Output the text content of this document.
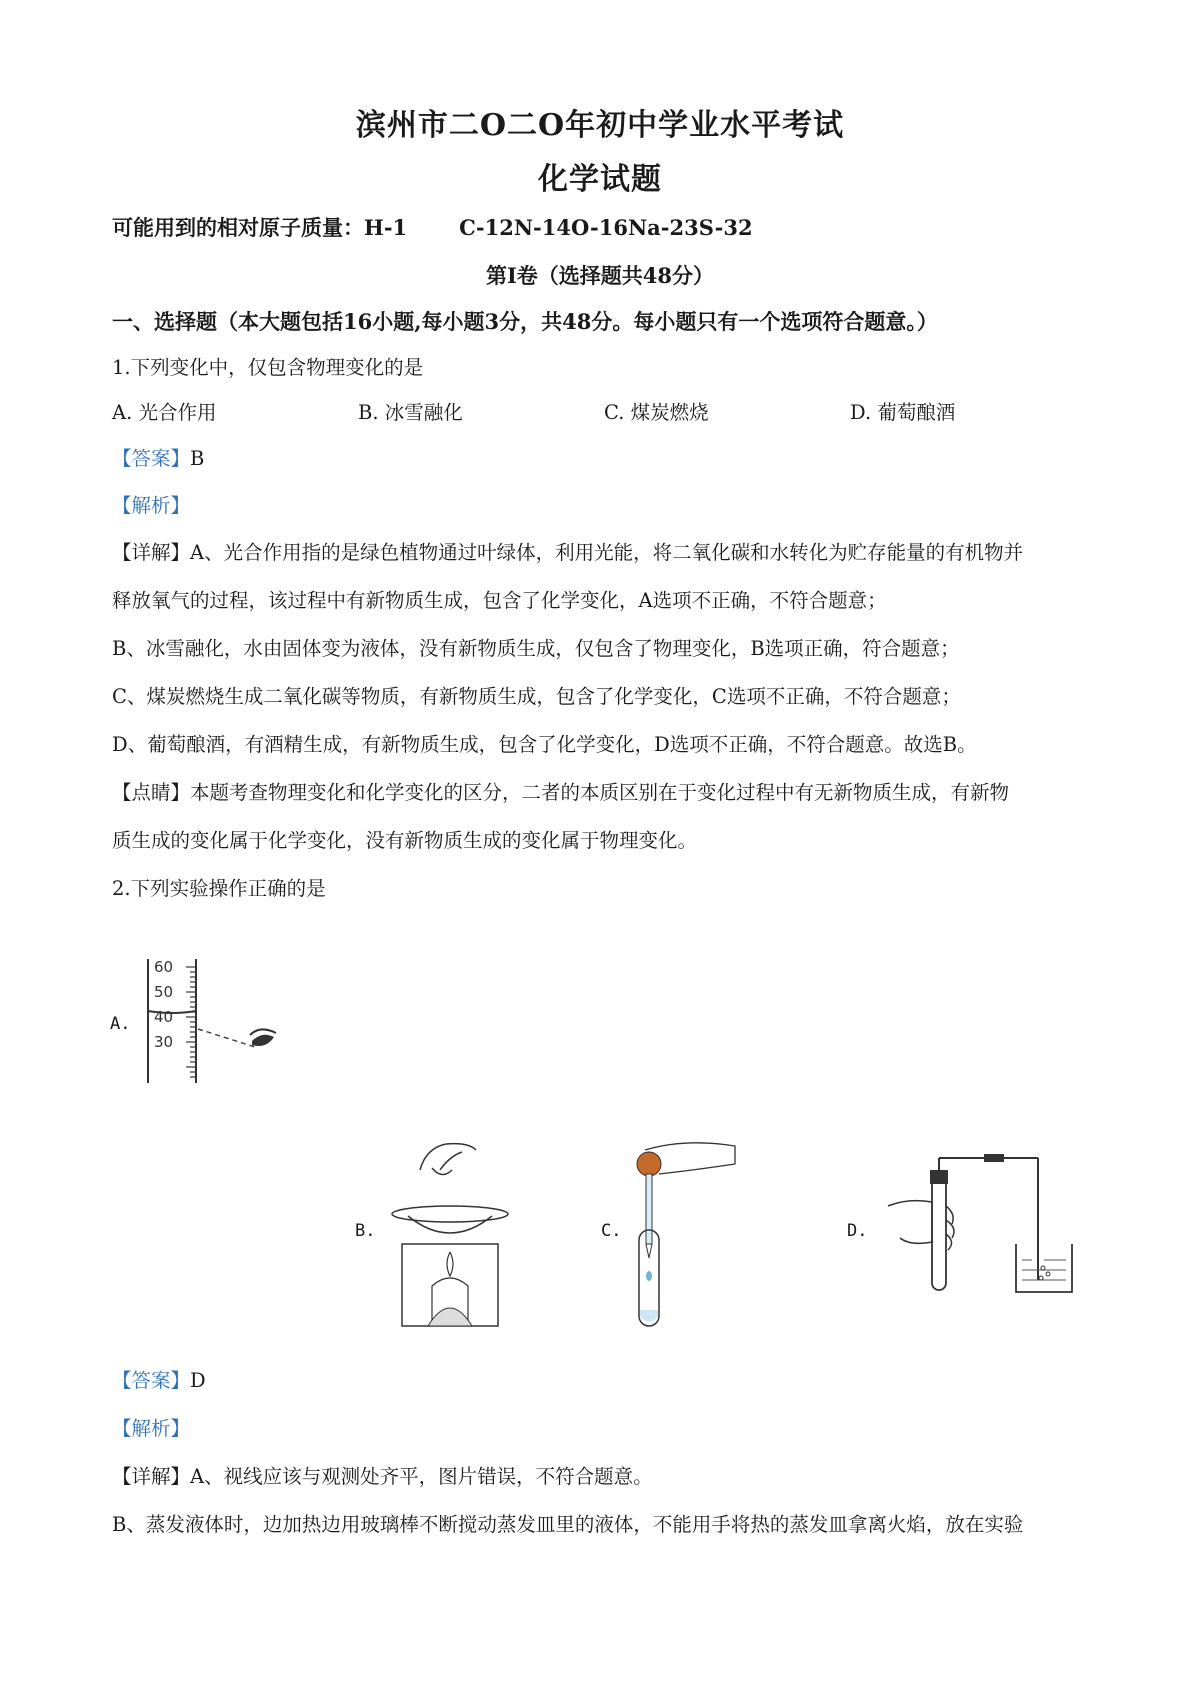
滨州市二O二O年初中学业水平考试
化学试题
可能用到的相对原子质量：H-1 C-12N-14O-16Na-23S-32
第I卷（选择题共48分）
一、选择题（本大题包括16小题,每小题3分，共48分。每小题只有一个选项符合题意。）
1.下列变化中，仅包含物理变化的是
A. 光合作用	B. 冰雪融化	C. 煤炭燃烧	D. 葡萄酿酒
【答案】B
【解析】
【详解】A、光合作用指的是绿色植物通过叶绿体，利用光能，将二氧化碳和水转化为贮存能量的有机物并
释放氧气的过程，该过程中有新物质生成，包含了化学变化，A选项不正确，不符合题意；
B、冰雪融化，水由固体变为液体，没有新物质生成，仅包含了物理变化，B选项正确，符合题意；
C、煤炭燃烧生成二氧化碳等物质，有新物质生成，包含了化学变化，C选项不正确，不符合题意；
D、葡萄酿酒，有酒精生成，有新物质生成，包含了化学变化，D选项不正确，不符合题意。故选B。
【点睛】本题考查物理变化和化学变化的区分，二者的本质区别在于变化过程中有无新物质生成，有新物
质生成的变化属于化学变化，没有新物质生成的变化属于物理变化。
2.下列实验操作正确的是
A.
60
50
40
30
B.	C.	D.
【答案】D
【解析】
【详解】A、视线应该与观测处齐平，图片错误，不符合题意。
B、蒸发液体时，边加热边用玻璃棒不断搅动蒸发皿里的液体，不能用手将热的蒸发皿拿离火焰，放在实验
